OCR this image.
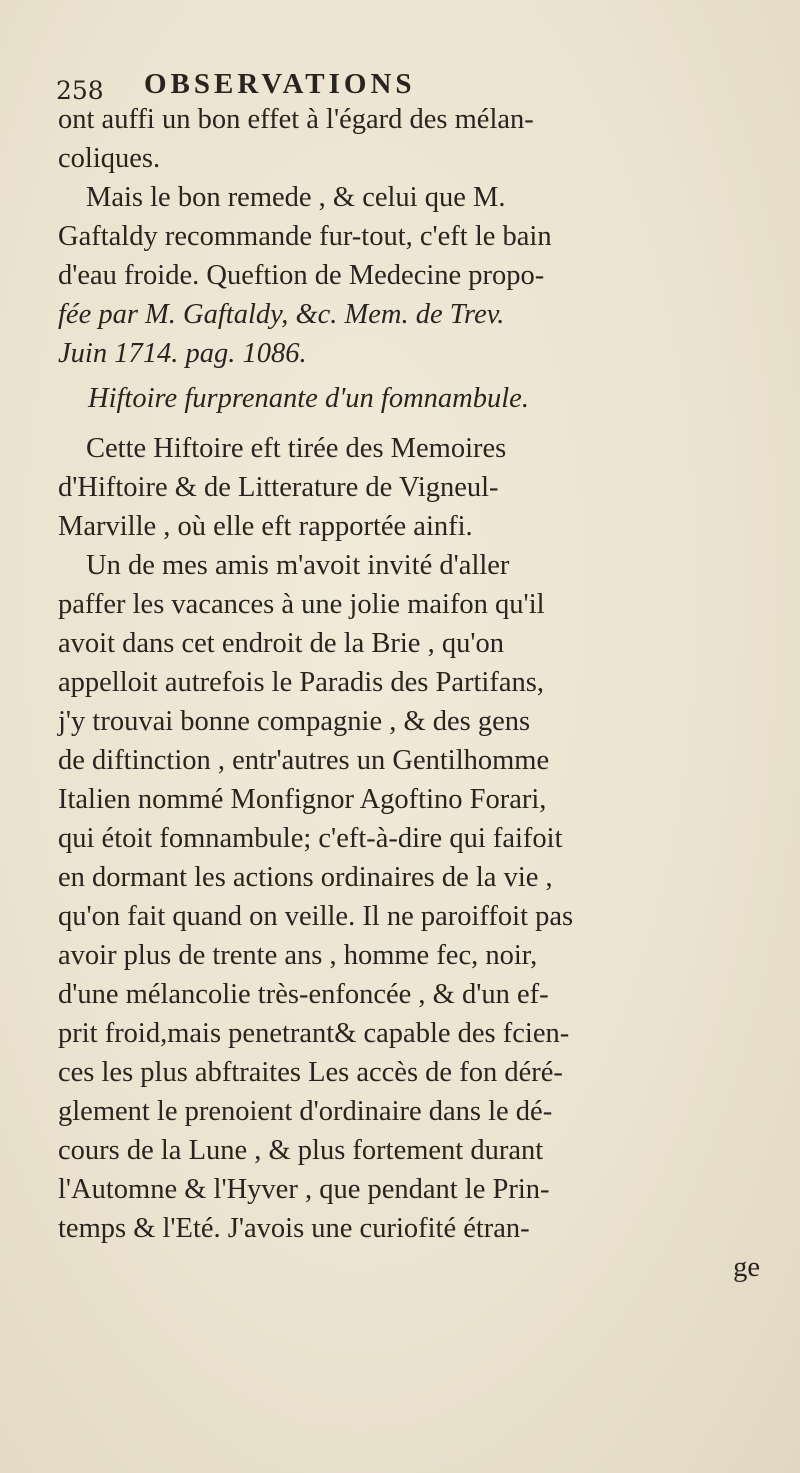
258 OBSERVATIONS
ont auffi un bon effet à l'égard des mélan-
coliques.
Mais le bon remede , & celui que M.
Gaftaldy recommande fur-tout, c'eft le bain
d'eau froide. Queftion de Medecine propo-
fée par M. Gaftaldy, &c. Mem. de Trev.
Juin 1714. pag. 1086.
Hiftoire furprenante d'un fomnambule.
Cette Hiftoire eft tirée des Memoires
d'Hiftoire & de Litterature de Vigneul-
Marville , où elle eft rapportée ainfi.
Un de mes amis m'avoit invité d'aller
paffer les vacances à une jolie maifon qu'il
avoit dans cet endroit de la Brie , qu'on
appelloit autrefois le Paradis des Partifans,
j'y trouvai bonne compagnie , & des gens
de diftinction , entr'autres un Gentilhomme
Italien nommé Monfignor Agoftino Forari,
qui étoit fomnambule; c'eft-à-dire qui faifoit
en dormant les actions ordinaires de la vie ,
qu'on fait quand on veille. Il ne paroiffoit pas
avoir plus de trente ans , homme fec, noir,
d'une mélancolie très-enfoncée , & d'un ef-
prit froid,mais penetrant& capable des fcien-
ces les plus abftraites Les accès de fon déré-
glement le prenoient d'ordinaire dans le dé-
cours de la Lune , & plus fortement durant
l'Automne & l'Hyver , que pendant le Prin-
temps & l'Eté. J'avois une curiofité étran-
ge
